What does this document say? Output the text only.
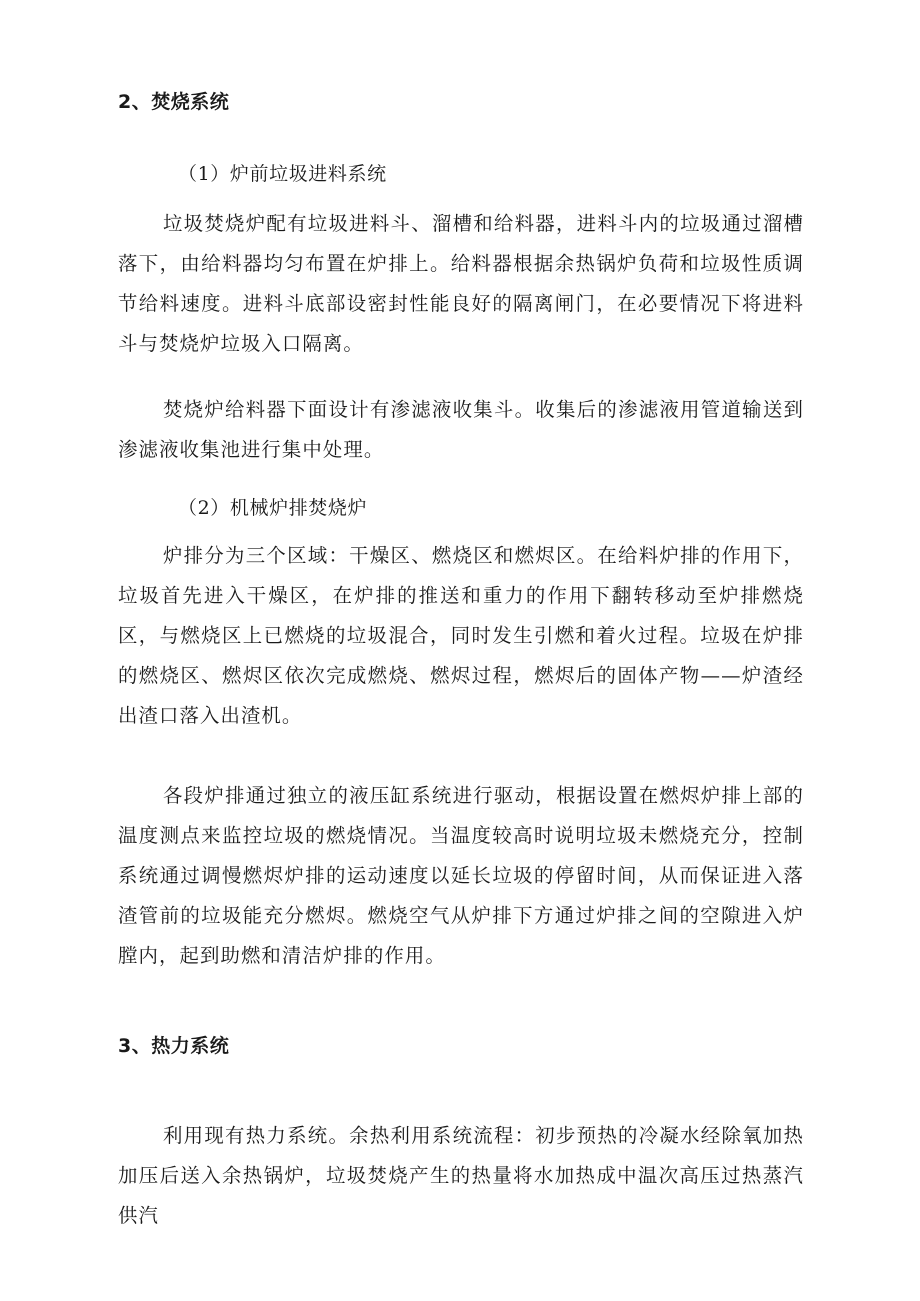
2、焚烧系统
（1）炉前垃圾进料系统

垃圾焚烧炉配有垃圾进料斗、溜槽和给料器，进料斗内的垃圾通过溜槽落下，由给料器均匀布置在炉排上。给料器根据余热锅炉负荷和垃圾性质调节给料速度。进料斗底部设密封性能良好的隔离闸门，在必要情况下将进料斗与焚烧炉垃圾入口隔离。

焚烧炉给料器下面设计有渗滤液收集斗。收集后的渗滤液用管道输送到渗滤液收集池进行集中处理。

（2）机械炉排焚烧炉

炉排分为三个区域：干燥区、燃烧区和燃烬区。在给料炉排的作用下，垃圾首先进入干燥区，在炉排的推送和重力的作用下翻转移动至炉排燃烧区，与燃烧区上已燃烧的垃圾混合，同时发生引燃和着火过程。垃圾在炉排的燃烧区、燃烬区依次完成燃烧、燃烬过程，燃烬后的固体产物——炉渣经出渣口落入出渣机。

各段炉排通过独立的液压缸系统进行驱动，根据设置在燃烬炉排上部的温度测点来监控垃圾的燃烧情况。当温度较高时说明垃圾未燃烧充分，控制系统通过调慢燃烬炉排的运动速度以延长垃圾的停留时间，从而保证进入落渣管前的垃圾能充分燃烬。燃烧空气从炉排下方通过炉排之间的空隙进入炉膛内，起到助燃和清洁炉排的作用。

3、热力系统

利用现有热力系统。余热利用系统流程：初步预热的冷凝水经除氧加热加压后送入余热锅炉，垃圾焚烧产生的热量将水加热成中温次高压过热蒸汽供汽
